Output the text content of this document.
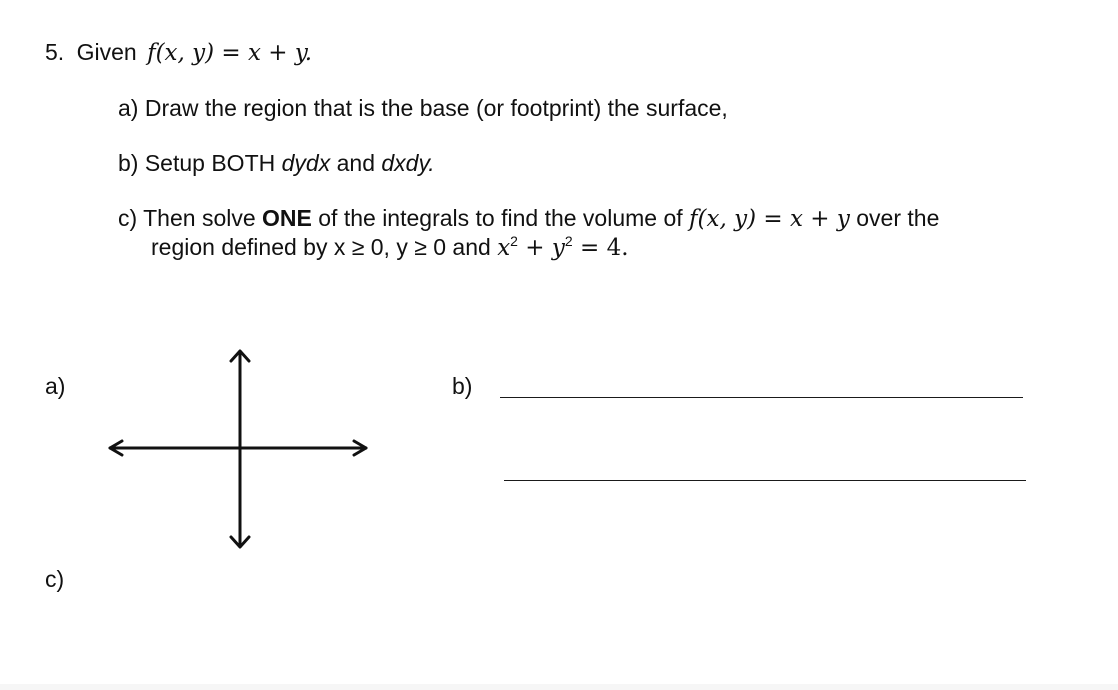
5. Given f(x, y) = x + y.
a) Draw the region that is the base (or footprint) the surface,
b) Setup BOTH dydx and dxdy.
c) Then solve ONE of the integrals to find the volume of f(x, y) = x + y over the
region defined by x ≥ 0, y ≥ 0 and $x^2 + y^2 = 4$.
a)	b)
c)
